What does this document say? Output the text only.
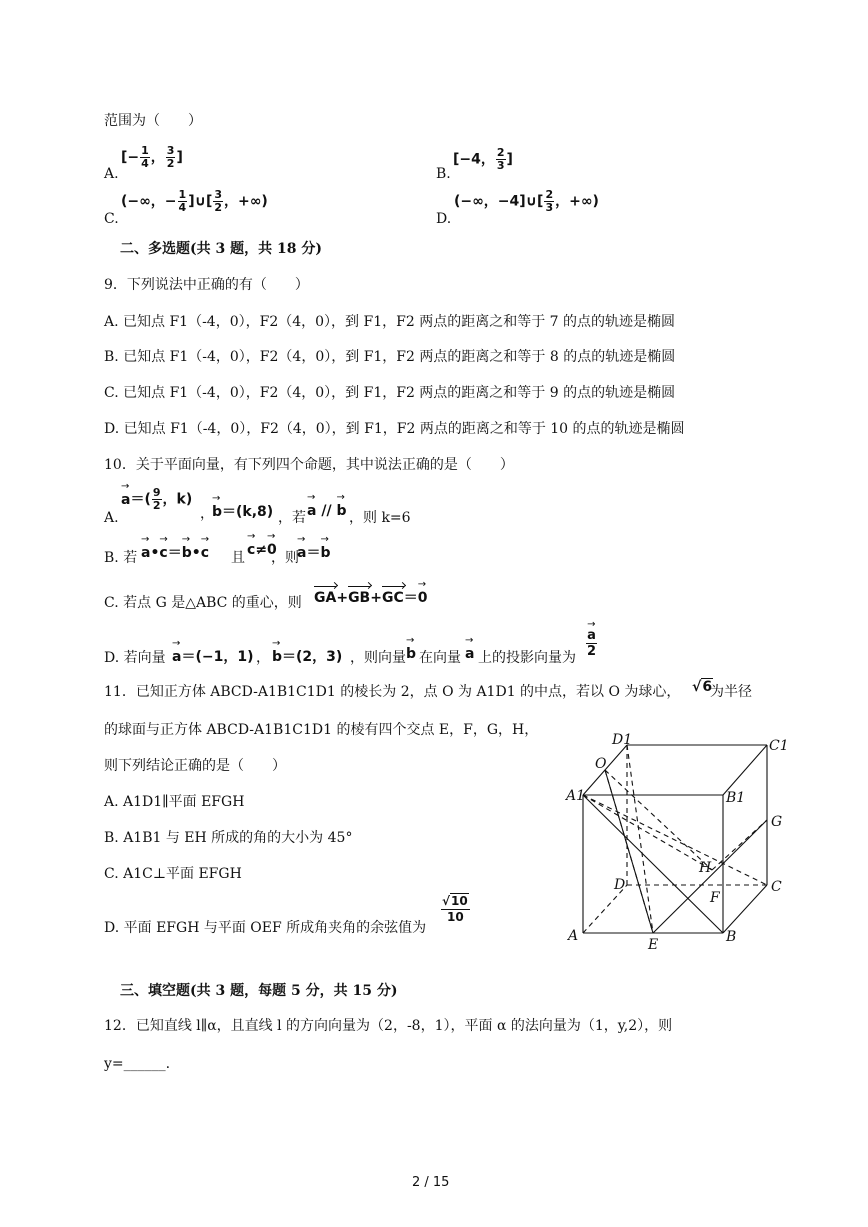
范围为（　　）
A.
[− $\frac{1}{4}$ ， $\frac{3}{2}$ ]
B.
[−4， $\frac{2}{3}$ ]
C.
(−∞，− $\frac{1}{4}$ ]∪[ $\frac{3}{2}$ ，+∞)
D.
(−∞，−4]∪[ $\frac{2}{3}$ ，+∞)
二、多选题(共 3 题，共 18 分)
9．下列说法中正确的有（　　）
A. 已知点 F1（-4，0），F2（4，0），到 F1，F2 两点的距离之和等于 7 的点的轨迹是椭圆
B. 已知点 F1（-4，0），F2（4，0），到 F1，F2 两点的距离之和等于 8 的点的轨迹是椭圆
C. 已知点 F1（-4，0），F2（4，0），到 F1，F2 两点的距离之和等于 9 的点的轨迹是椭圆
D. 已知点 F1（-4，0），F2（4，0），到 F1，F2 两点的距离之和等于 10 的点的轨迹是椭圆
10．关于平面向量，有下列四个命题，其中说法正确的是（　　）
A.
→ $a=( \frac{9}{2}$ ，k)
，
→ b＝(k,8) ，若 → a // → b ，则 k=6
B. 若 → a•→ c＝→ b•→ c 且 → c≠→ 0
，则
→ a＝→ b
C. 若点 G 是△ABC 的重心，则 GA+GB+GC＝→ 0
D. 若向量 → a＝(−1，1) ， → b＝(2，3) ，则向量 → b 在向量 → a 上的投影向量为 → $\frac{a}{2}$
11．已知正方体 ABCD-A1B1C1D1 的棱长为 2，点 O 为 A1D1 的中点，若以 O 为球心， √6
为半径
的球面与正方体 ABCD-A1B1C1D1 的棱有四个交点 E，F，G，H，
则下列结论正确的是（　　）
A. A1D1∥平面 EFGH
B. A1B1 与 EH 所成的角的大小为 45°
C. A1C⊥平面 EFGH
D. 平面 EFGH 与平面 OEF 所成角夹角的余弦值为
$\frac{√10}{10}$
D1	C1
O
A1	B1
G
H
D	C
F
A
E	B
三、填空题(共 3 题，每题 5 分，共 15 分)
12．已知直线 l∥α，且直线 l 的方向向量为（2，-8，1），平面 α 的法向量为（1，y,2），则
y=______.
2 / 15
